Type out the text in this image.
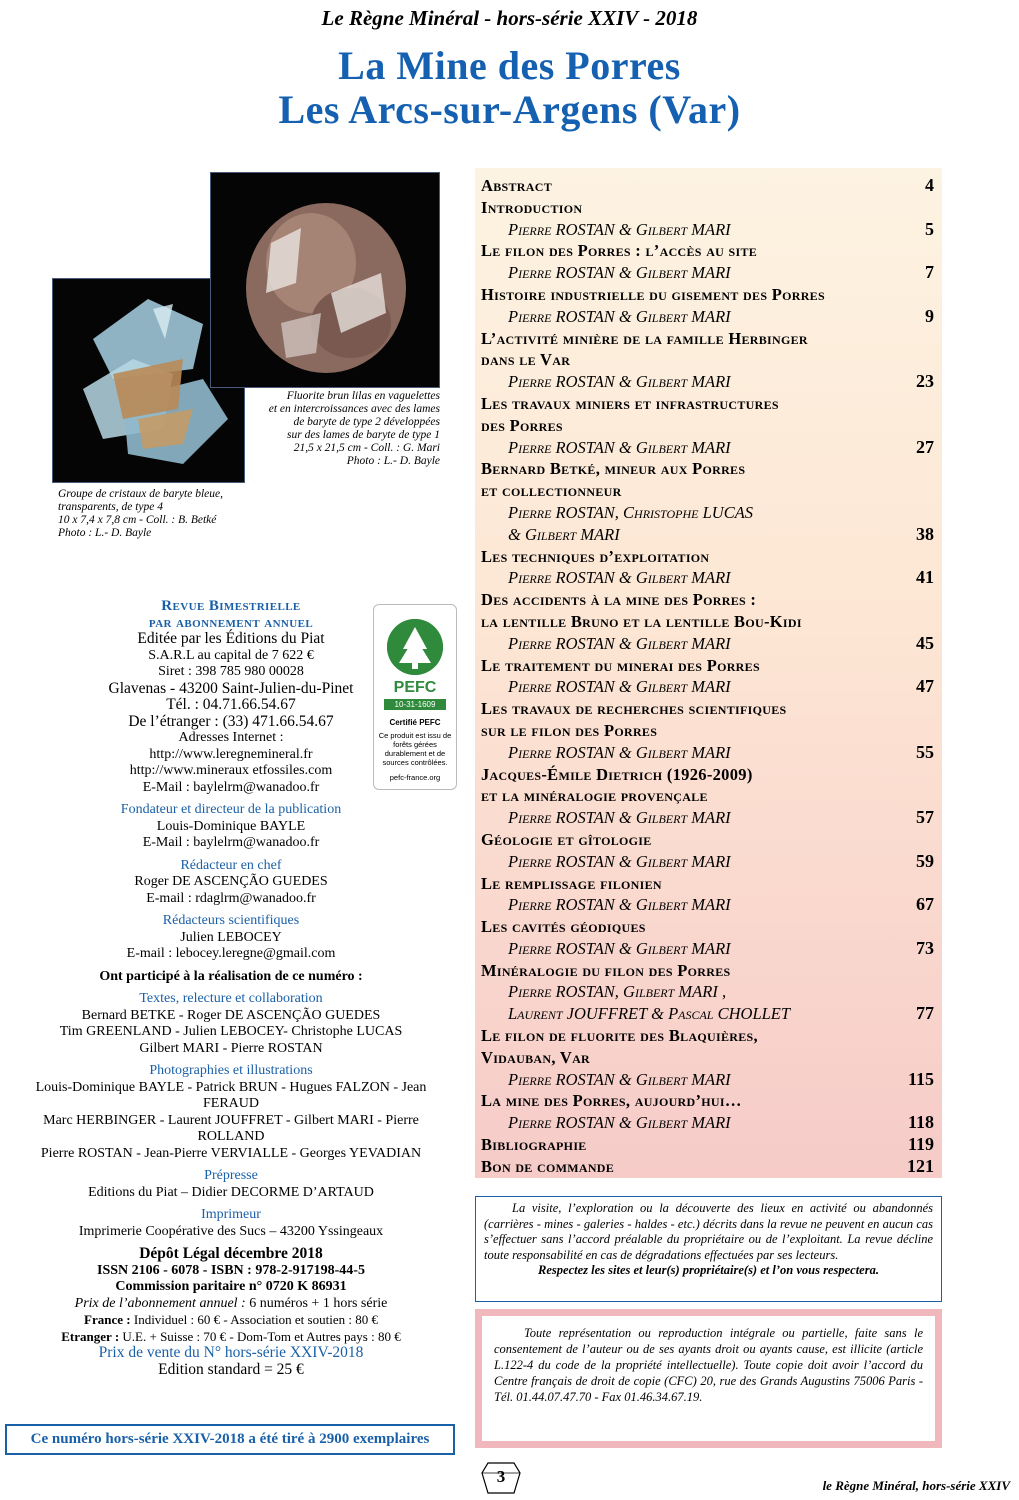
Le Règne Minéral - hors-série XXIV - 2018
La Mine des Porres
Les Arcs-sur-Argens (Var)
Groupe de cristaux de baryte bleue,
transparents, de type 4
10 x 7,4 x 7,8 cm - Coll. : B. Betké
Photo : L.- D. Bayle
Fluorite brun lilas en vaguelettes
et en intercroissances avec des lames
de baryte de type 2 développées
sur des lames de baryte de type 1
21,5 x 21,5 cm - Coll. : G. Mari
Photo : L.- D. Bayle
Revue Bimestrielle
par abonnement annuel
Editée par les Éditions du Piat
S.A.R.L au capital de 7 622 €
Siret : 398 785 980 00028
Glavenas - 43200 Saint-Julien-du-Pinet
Tél. : 04.71.66.54.67
De l’étranger : (33) 471.66.54.67
Adresses Internet :
http://www.leregnemineral.fr
http://www.mineraux etfossiles.com
E-Mail : baylelrm@wanadoo.fr
Fondateur et directeur de la publication
Louis-Dominique BAYLE
E-Mail : baylelrm@wanadoo.fr
Rédacteur en chef
Roger DE ASCENÇÃO GUEDES
E-mail : rdaglrm@wanadoo.fr
Rédacteurs scientifiques
Julien LEBOCEY
E-mail : lebocey.leregne@gmail.com
Ont participé à la réalisation de ce numéro :
Textes, relecture et collaboration
Bernard BETKE - Roger DE ASCENÇÃO GUEDES
Tim GREENLAND - Julien LEBOCEY- Christophe LUCAS
Gilbert MARI - Pierre ROSTAN
Photographies et illustrations
Louis-Dominique BAYLE - Patrick BRUN - Hugues FALZON - Jean FERAUD
Marc HERBINGER - Laurent JOUFFRET - Gilbert MARI - Pierre ROLLAND
Pierre ROSTAN - Jean-Pierre VERVIALLE - Georges YEVADIAN
Prépresse
Editions du Piat – Didier DECORME D’ARTAUD
Imprimeur
Imprimerie Coopérative des Sucs – 43200 Yssingeaux
Dépôt Légal décembre 2018
ISSN 2106 - 6078 - ISBN : 978-2-917198-44-5
Commission paritaire n° 0720 K 86931
Prix de l’abonnement annuel : 6 numéros + 1 hors série
France : Individuel : 60 € - Association et soutien : 80 €
Etranger : U.E. + Suisse : 70 € - Dom-Tom et Autres pays : 80 €
Prix de vente du N° hors-série XXIV-2018
Edition standard = 25 €
PEFC
10-31-1609
Certifié PEFC
Ce produit est issu de forêts gérées durablement et de sources contrôlées.
pefc-france.org
Abstract	4
Introduction
Pierre ROSTAN & Gilbert MARI	5
Le filon des Porres : l’accès au site
Pierre ROSTAN & Gilbert MARI	7
Histoire industrielle du gisement des Porres
Pierre ROSTAN & Gilbert MARI	9
L’activité minière de la famille Herbinger
dans le Var
Pierre ROSTAN & Gilbert MARI	23
Les travaux miniers et infrastructures
des Porres
Pierre ROSTAN & Gilbert MARI	27
Bernard Betké, mineur aux Porres
et collectionneur
Pierre ROSTAN, Christophe LUCAS
& Gilbert MARI	38
Les techniques d’exploitation
Pierre ROSTAN & Gilbert MARI	41
Des accidents à la mine des Porres :
la lentille Bruno et la lentille Bou-Kidi
Pierre ROSTAN & Gilbert MARI	45
Le traitement du minerai des Porres
Pierre ROSTAN & Gilbert MARI	47
Les travaux de recherches scientifiques
sur le filon des Porres
Pierre ROSTAN & Gilbert MARI	55
Jacques-Émile Dietrich (1926-2009)
et la minéralogie provençale
Pierre ROSTAN & Gilbert MARI	57
Géologie et gîtologie
Pierre ROSTAN & Gilbert MARI	59
Le remplissage filonien
Pierre ROSTAN & Gilbert MARI	67
Les cavités géodiques
Pierre ROSTAN & Gilbert MARI	73
Minéralogie du filon des Porres
Pierre ROSTAN, Gilbert MARI ,
Laurent JOUFFRET & Pascal CHOLLET	77
Le filon de fluorite des Blaquières,
Vidauban, Var
Pierre ROSTAN & Gilbert MARI	115
La mine des Porres, aujourd’hui…
Pierre ROSTAN & Gilbert MARI	118
Bibliographie	119
Bon de commande	121
La visite, l’exploration ou la découverte des lieux en activité ou abandonnés (carrières - mines - galeries - haldes - etc.) décrits dans la revue ne peuvent en aucun cas s’effectuer sans l’accord préalable du propriétaire ou de l’exploitant. La revue décline toute responsabilité en cas de dégradations effectuées par ses lecteurs.
Respectez les sites et leur(s) propriétaire(s) et l’on vous respectera.
Toute représentation ou reproduction intégrale ou partielle, faite sans le consentement de l’auteur ou de ses ayants droit ou ayants cause, est illicite (article L.122-4 du code de la propriété intellectuelle). Toute copie doit avoir l’accord du Centre français de droit de copie (CFC) 20, rue des Grands Augustins 75006 Paris - Tél. 01.44.07.47.70 - Fax 01.46.34.67.19.
Ce numéro hors-série XXIV-2018 a été tiré à 2900 exemplaires
3	le Règne Minéral, hors-série XXIV
